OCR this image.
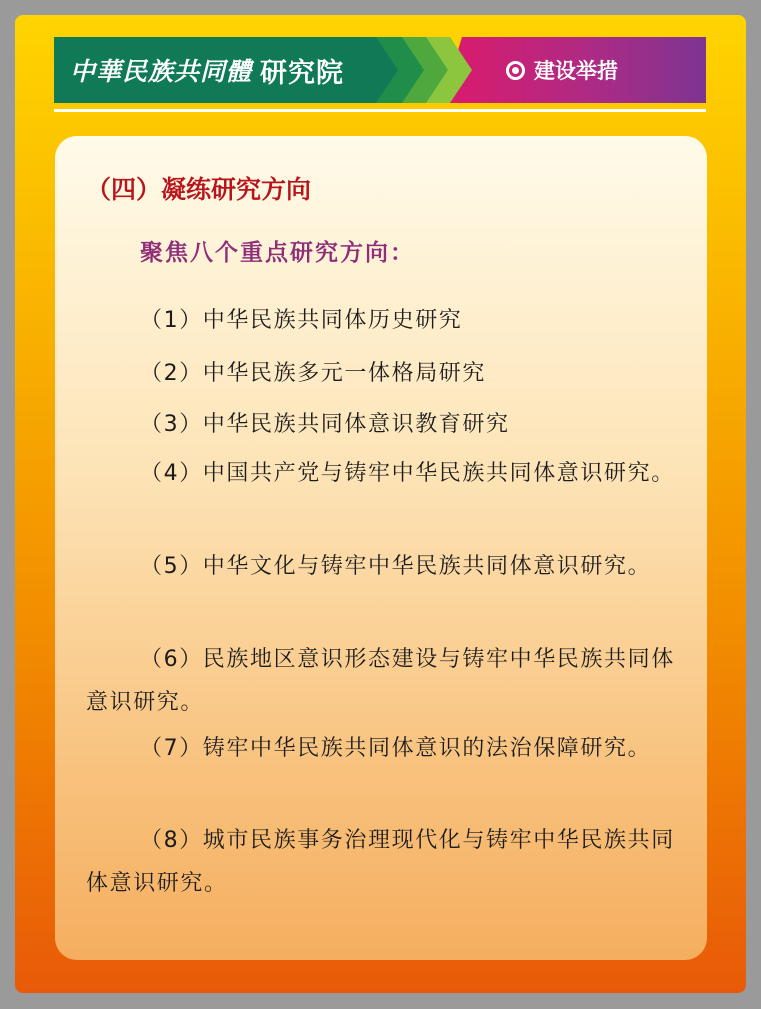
中華民族共同體 研究院	建设举措
（四）凝练研究方向
聚焦八个重点研究方向：
（1）中华民族共同体历史研究
（2）中华民族多元一体格局研究
（3）中华民族共同体意识教育研究
（4）中国共产党与铸牢中华民族共同体意识研究。
（5）中华文化与铸牢中华民族共同体意识研究。
（6）民族地区意识形态建设与铸牢中华民族共同体意识研究。
（7）铸牢中华民族共同体意识的法治保障研究。
（8）城市民族事务治理现代化与铸牢中华民族共同体意识研究。
